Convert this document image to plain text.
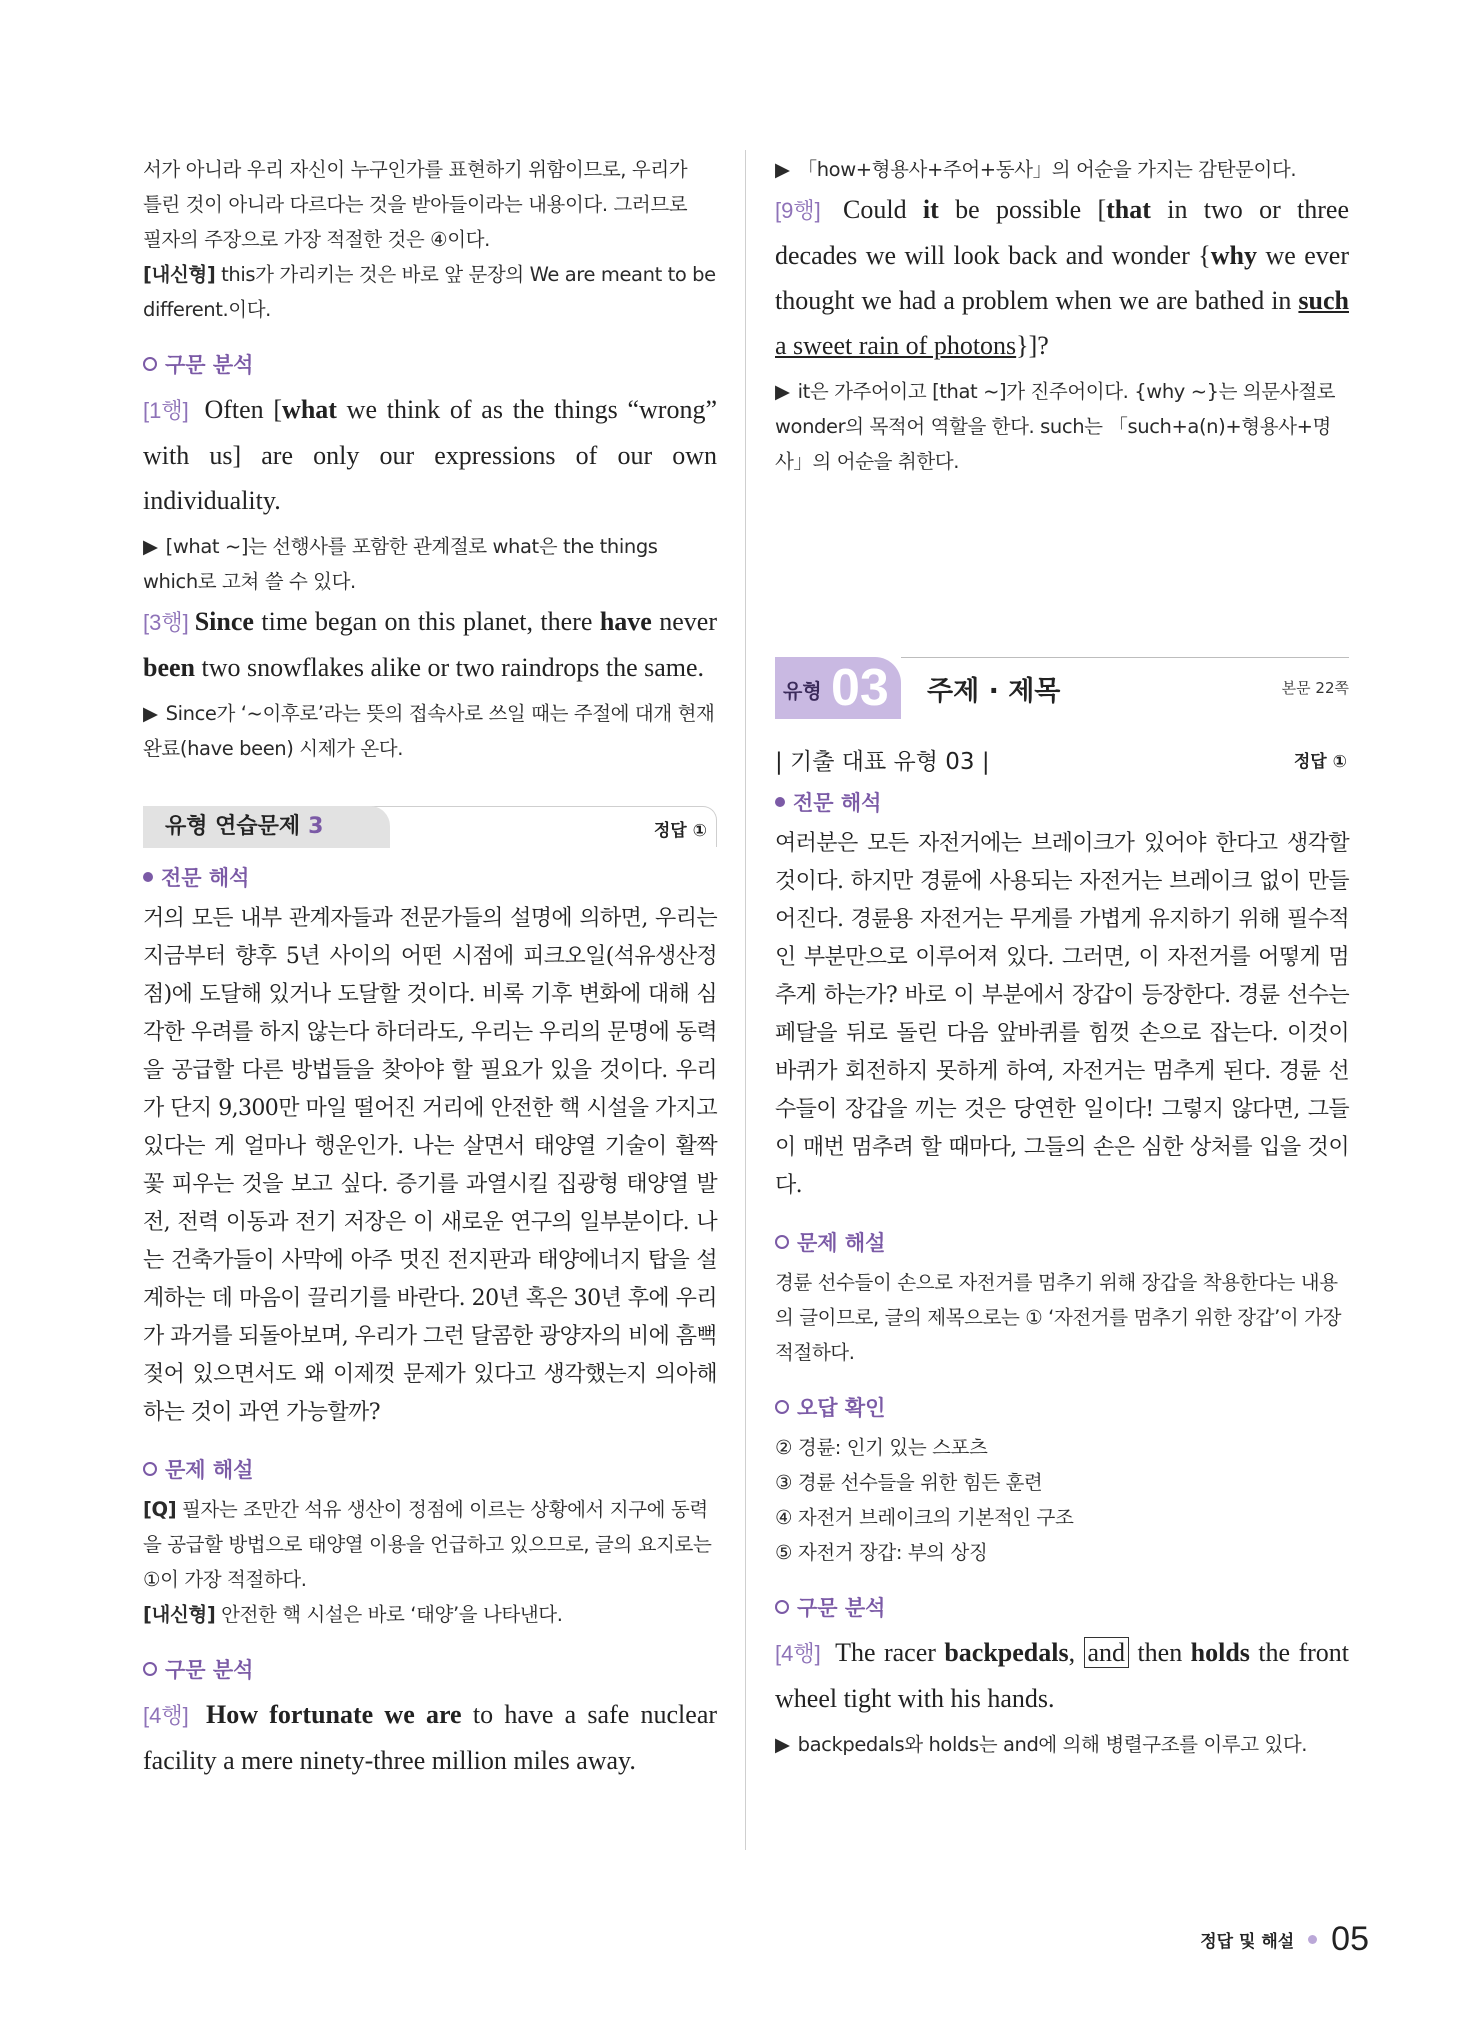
서가 아니라 우리 자신이 누구인가를 표현하기 위함이므로, 우리가
틀린 것이 아니라 다르다는 것을 받아들이라는 내용이다. 그러므로
필자의 주장으로 가장 적절한 것은 ④이다.
[내신형] this가 가리키는 것은 바로 앞 문장의 We are meant to be different.이다.
구문 분석

[1행] Often [what we think of as the things “wrong” with us] are only our expressions of our own individuality.

▶ [what ~]는 선행사를 포함한 관계절로 what은 the things which로 고쳐 쓸 수 있다.

[3행] Since time began on this planet, there have never been two snowflakes alike or two raindrops the same.

▶ Since가 ‘~이후로’라는 뜻의 접속사로 쓰일 때는 주절에 대개 현재완료(have been) 시제가 온다.

유형 연습문제 3	정답 ①
전문 해석

거의 모든 내부 관계자들과 전문가들의 설명에 의하면, 우리는 지금부터 향후 5년 사이의 어떤 시점에 피크오일(석유생산정점)에 도달해 있거나 도달할 것이다. 비록 기후 변화에 대해 심각한 우려를 하지 않는다 하더라도, 우리는 우리의 문명에 동력을 공급할 다른 방법들을 찾아야 할 필요가 있을 것이다. 우리가 단지 9,300만 마일 떨어진 거리에 안전한 핵 시설을 가지고 있다는 게 얼마나 행운인가. 나는 살면서 태양열 기술이 활짝 꽃 피우는 것을 보고 싶다. 증기를 과열시킬 집광형 태양열 발전, 전력 이동과 전기 저장은 이 새로운 연구의 일부분이다. 나는 건축가들이 사막에 아주 멋진 전지판과 태양에너지 탑을 설계하는 데 마음이 끌리기를 바란다. 20년 혹은 30년 후에 우리가 과거를 되돌아보며, 우리가 그런 달콤한 광양자의 비에 흠뻑 젖어 있으면서도 왜 이제껏 문제가 있다고 생각했는지 의아해하는 것이 과연 가능할까?

문제 해설

[Q] 필자는 조만간 석유 생산이 정점에 이르는 상황에서 지구에 동력을 공급할 방법으로 태양열 이용을 언급하고 있으므로, 글의 요지로는 ①이 가장 적절하다.

[내신형] 안전한 핵 시설은 바로 ‘태양’을 나타낸다.

구문 분석

[4행] How fortunate we are to have a safe nuclear facility a mere ninety-three million miles away.

▶ 「how+형용사+주어+동사」의 어순을 가지는 감탄문이다.

[9행] Could it be possible [that in two or three decades we will look back and wonder {why we ever thought we had a problem when we are bathed in such a sweet rain of photons}]?

▶ it은 가주어이고 [that ~]가 진주어이다. {why ~}는 의문사절로 wonder의 목적어 역할을 한다. such는 「such+a(n)+형용사+명사」의 어순을 취한다.

유형 03 주제 · 제목	본문 22쪽
| 기출 대표 유형 03 |	정답 ①
전문 해석

여러분은 모든 자전거에는 브레이크가 있어야 한다고 생각할 것이다. 하지만 경륜에 사용되는 자전거는 브레이크 없이 만들어진다. 경륜용 자전거는 무게를 가볍게 유지하기 위해 필수적인 부분만으로 이루어져 있다. 그러면, 이 자전거를 어떻게 멈추게 하는가? 바로 이 부분에서 장갑이 등장한다. 경륜 선수는 페달을 뒤로 돌린 다음 앞바퀴를 힘껏 손으로 잡는다. 이것이 바퀴가 회전하지 못하게 하여, 자전거는 멈추게 된다. 경륜 선수들이 장갑을 끼는 것은 당연한 일이다! 그렇지 않다면, 그들이 매번 멈추려 할 때마다, 그들의 손은 심한 상처를 입을 것이다.

문제 해설

경륜 선수들이 손으로 자전거를 멈추기 위해 장갑을 착용한다는 내용의 글이므로, 글의 제목으로는 ① ‘자전거를 멈추기 위한 장갑’이 가장 적절하다.

오답 확인
② 경륜: 인기 있는 스포츠
③ 경륜 선수들을 위한 힘든 훈련
④ 자전거 브레이크의 기본적인 구조
⑤ 자전거 장갑: 부의 상징
구문 분석

[4행] The racer backpedals, and then holds the front wheel tight with his hands.

▶ backpedals와 holds는 and에 의해 병렬구조를 이루고 있다.

정답 및 해설 05
